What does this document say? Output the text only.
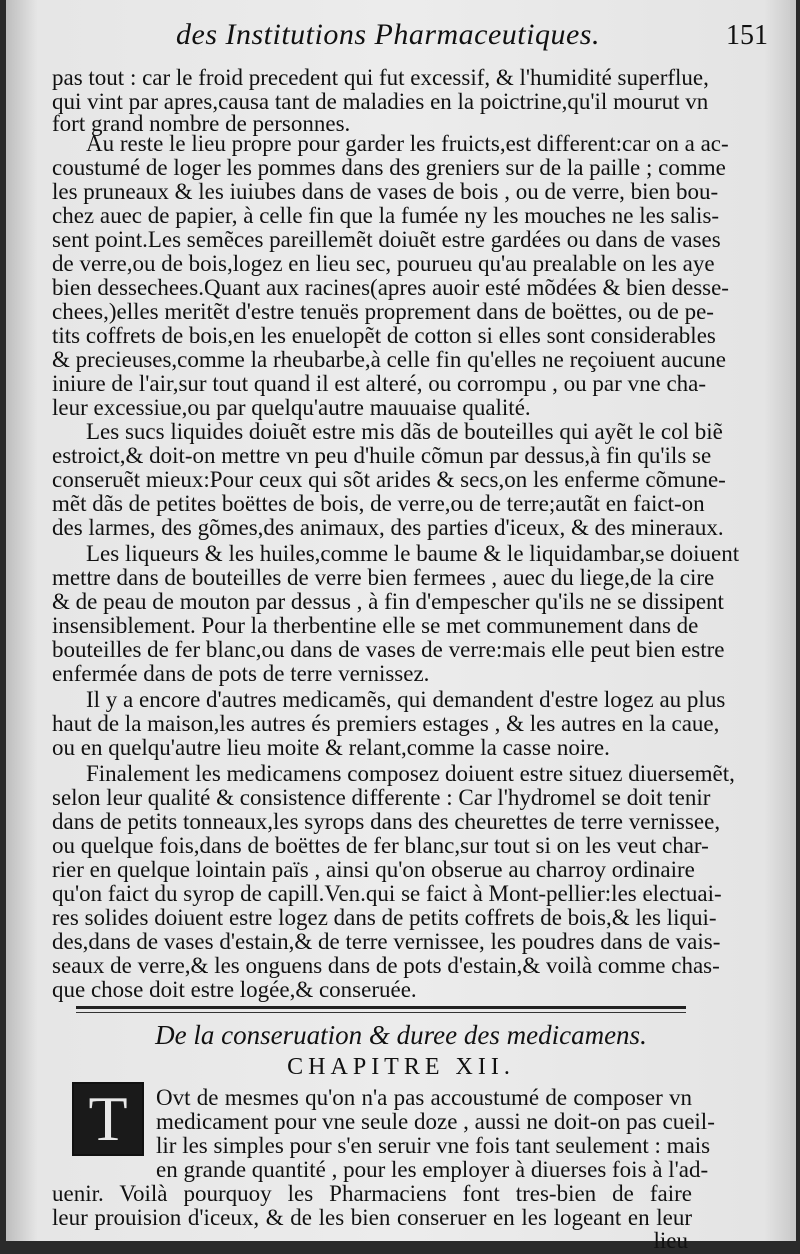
des Institutions Pharmaceutiques.	151
pas tout : car le froid precedent qui fut excessif, & l'humidité superflue,
qui vint par apres,causa tant de maladies en la poictrine,qu'il mourut vn
fort grand nombre de personnes.
Au reste le lieu propre pour garder les fruicts,est different:car on a ac-
coustumé de loger les pommes dans des greniers sur de la paille ; comme
les pruneaux & les iuiubes dans de vases de bois , ou de verre, bien bou-
chez auec de papier, à celle fin que la fumée ny les mouches ne les salis-
sent point.Les semẽces pareillemẽt doiuẽt estre gardées ou dans de vases
de verre,ou de bois,logez en lieu sec, pourueu qu'au prealable on les aye
bien dessechees.Quant aux racines(apres auoir esté mõdées & bien desse-
chees,)elles meritẽt d'estre tenuës proprement dans de boëttes, ou de pe-
tits coffrets de bois,en les enuelopẽt de cotton si elles sont considerables
& precieuses,comme la rheubarbe,à celle fin qu'elles ne reçoiuent aucune
iniure de l'air,sur tout quand il est alteré, ou corrompu , ou par vne cha-
leur excessiue,ou par quelqu'autre mauuaise qualité.
Les sucs liquides doiuẽt estre mis dãs de bouteilles qui ayẽt le col biẽ
estroict,& doit-on mettre vn peu d'huile cõmun par dessus,à fin qu'ils se
conseruẽt mieux:Pour ceux qui sõt arides & secs,on les enferme cõmune-
mẽt dãs de petites boëttes de bois, de verre,ou de terre;autãt en faict-on
des larmes, des gõmes,des animaux, des parties d'iceux, & des mineraux.
Les liqueurs & les huiles,comme le baume & le liquidambar,se doiuent
mettre dans de bouteilles de verre bien fermees , auec du liege,de la cire
& de peau de mouton par dessus , à fin d'empescher qu'ils ne se dissipent
insensiblement. Pour la therbentine elle se met communement dans de
bouteilles de fer blanc,ou dans de vases de verre:mais elle peut bien estre
enfermée dans de pots de terre vernissez.
Il y a encore d'autres medicamẽs, qui demandent d'estre logez au plus
haut de la maison,les autres és premiers estages , & les autres en la caue,
ou en quelqu'autre lieu moite & relant,comme la casse noire.
Finalement les medicamens composez doiuent estre situez diuersemẽt,
selon leur qualité & consistence differente : Car l'hydromel se doit tenir
dans de petits tonneaux,les syrops dans des cheurettes de terre vernissee,
ou quelque fois,dans de boëttes de fer blanc,sur tout si on les veut char-
rier en quelque lointain païs , ainsi qu'on obserue au charroy ordinaire
qu'on faict du syrop de capill.Ven.qui se faict à Mont-pellier:les electuai-
res solides doiuent estre logez dans de petits coffrets de bois,& les liqui-
des,dans de vases d'estain,& de terre vernissee, les poudres dans de vais-
seaux de verre,& les onguens dans de pots d'estain,& voilà comme chas-
que chose doit estre logée,& conseruée.
De la conseruation & duree des medicamens.
CHAPITRE XII.
T	Ovt de mesmes qu'on n'a pas accoustumé de composer vn
medicament pour vne seule doze , aussi ne doit-on pas cueil-
lir les simples pour s'en seruir vne fois tant seulement : mais
en grande quantité , pour les employer à diuerses fois à l'ad-
uenir. Voilà pourquoy les Pharmaciens font tres-bien de faire
leur prouision d'iceux, & de les bien conseruer en les logeant en leur
lieu
